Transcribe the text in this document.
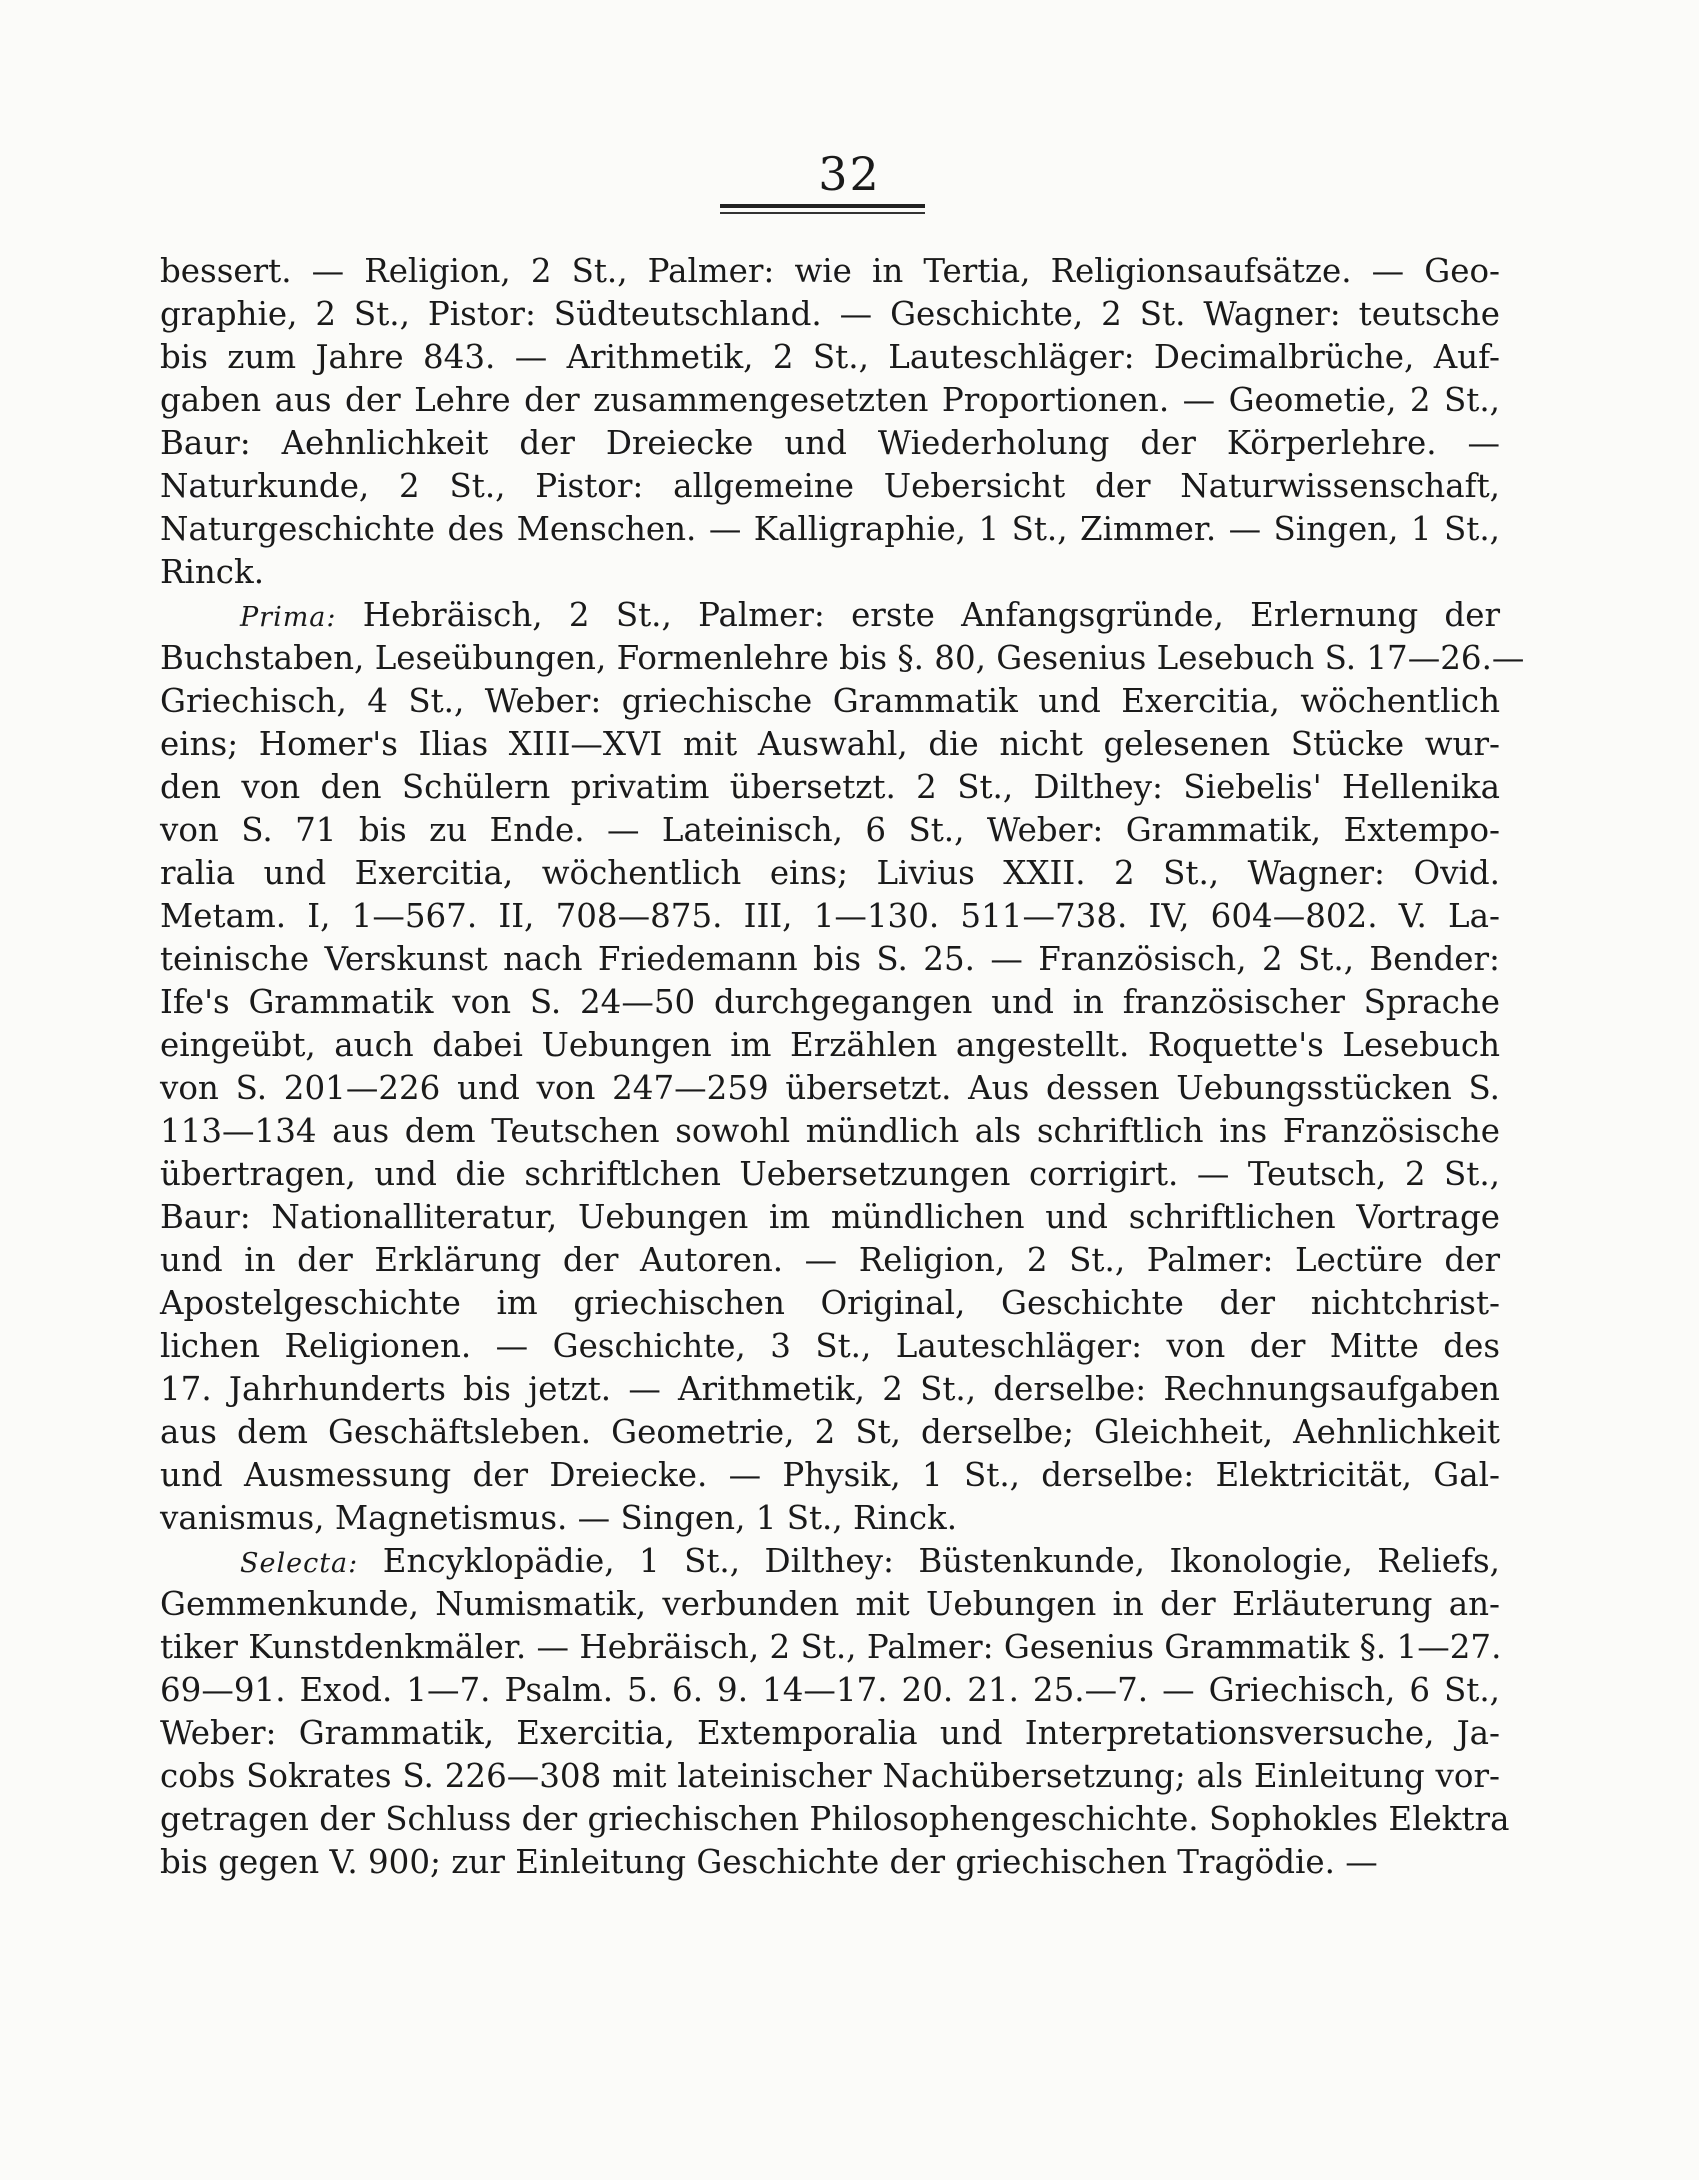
32
bessert. — Religion, 2 St., Palmer: wie in Tertia, Religionsaufsätze. — Geo-
graphie, 2 St., Pistor: Südteutschland. — Geschichte, 2 St. Wagner: teutsche
bis zum Jahre 843. — Arithmetik, 2 St., Lauteschläger: Decimalbrüche, Auf-
gaben aus der Lehre der zusammengesetzten Proportionen. — Geometie, 2 St.,
Baur: Aehnlichkeit der Dreiecke und Wiederholung der Körperlehre. —
Naturkunde, 2 St., Pistor: allgemeine Uebersicht der Naturwissenschaft,
Naturgeschichte des Menschen. — Kalligraphie, 1 St., Zimmer. — Singen, 1 St.,
Rinck.
Prima: Hebräisch, 2 St., Palmer: erste Anfangsgründe, Erlernung der
Buchstaben, Leseübungen, Formenlehre bis §. 80, Gesenius Lesebuch S. 17—26.—
Griechisch, 4 St., Weber: griechische Grammatik und Exercitia, wöchentlich
eins; Homer's Ilias XIII—XVI mit Auswahl, die nicht gelesenen Stücke wur-
den von den Schülern privatim übersetzt. 2 St., Dilthey: Siebelis' Hellenika
von S. 71 bis zu Ende. — Lateinisch, 6 St., Weber: Grammatik, Extempo-
ralia und Exercitia, wöchentlich eins; Livius XXII. 2 St., Wagner: Ovid.
Metam. I, 1—567. II, 708—875. III, 1—130. 511—738. IV, 604—802. V. La-
teinische Verskunst nach Friedemann bis S. 25. — Französisch, 2 St., Bender:
Ife's Grammatik von S. 24—50 durchgegangen und in französischer Sprache
eingeübt, auch dabei Uebungen im Erzählen angestellt. Roquette's Lesebuch
von S. 201—226 und von 247—259 übersetzt. Aus dessen Uebungsstücken S.
113—134 aus dem Teutschen sowohl mündlich als schriftlich ins Französische
übertragen, und die schriftlchen Uebersetzungen corrigirt. — Teutsch, 2 St.,
Baur: Nationalliteratur, Uebungen im mündlichen und schriftlichen Vortrage
und in der Erklärung der Autoren. — Religion, 2 St., Palmer: Lectüre der
Apostelgeschichte im griechischen Original, Geschichte der nichtchrist-
lichen Religionen. — Geschichte, 3 St., Lauteschläger: von der Mitte des
17. Jahrhunderts bis jetzt. — Arithmetik, 2 St., derselbe: Rechnungsaufgaben
aus dem Geschäftsleben. Geometrie, 2 St, derselbe; Gleichheit, Aehnlichkeit
und Ausmessung der Dreiecke. — Physik, 1 St., derselbe: Elektricität, Gal-
vanismus, Magnetismus. — Singen, 1 St., Rinck.
Selecta: Encyklopädie, 1 St., Dilthey: Büstenkunde, Ikonologie, Reliefs,
Gemmenkunde, Numismatik, verbunden mit Uebungen in der Erläuterung an-
tiker Kunstdenkmäler. — Hebräisch, 2 St., Palmer: Gesenius Grammatik §. 1—27.
69—91. Exod. 1—7. Psalm. 5. 6. 9. 14—17. 20. 21. 25.—7. — Griechisch, 6 St.,
Weber: Grammatik, Exercitia, Extemporalia und Interpretationsversuche, Ja-
cobs Sokrates S. 226—308 mit lateinischer Nachübersetzung; als Einleitung vor-
getragen der Schluss der griechischen Philosophengeschichte. Sophokles Elektra
bis gegen V. 900; zur Einleitung Geschichte der griechischen Tragödie. —
